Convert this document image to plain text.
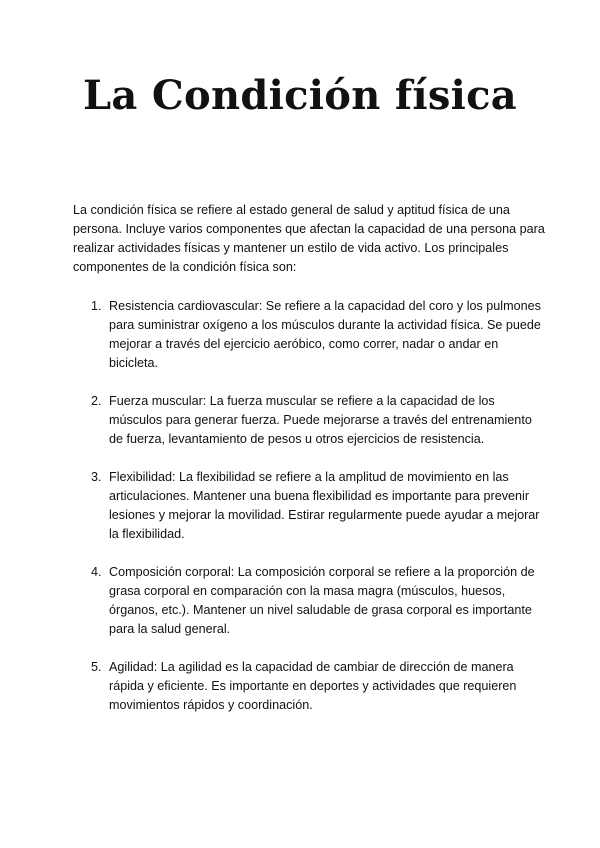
La Condición física
La condición física se refiere al estado general de salud y aptitud física de una
persona. Incluye varios componentes que afectan la capacidad de una persona para
realizar actividades físicas y mantener un estilo de vida activo. Los principales
componentes de la condición física son:
1. Resistencia cardiovascular: Se refiere a la capacidad del coro y los pulmones
para suministrar oxígeno a los músculos durante la actividad física. Se puede
mejorar a través del ejercicio aeróbico, como correr, nadar o andar en
bicicleta.
2. Fuerza muscular: La fuerza muscular se refiere a la capacidad de los
músculos para generar fuerza. Puede mejorarse a través del entrenamiento
de fuerza, levantamiento de pesos u otros ejercicios de resistencia.
3. Flexibilidad: La flexibilidad se refiere a la amplitud de movimiento en las
articulaciones. Mantener una buena flexibilidad es importante para prevenir
lesiones y mejorar la movilidad. Estirar regularmente puede ayudar a mejorar
la flexibilidad.
4. Composición corporal: La composición corporal se refiere a la proporción de
grasa corporal en comparación con la masa magra (músculos, huesos,
órganos, etc.). Mantener un nivel saludable de grasa corporal es importante
para la salud general.
5. Agilidad: La agilidad es la capacidad de cambiar de dirección de manera
rápida y eficiente. Es importante en deportes y actividades que requieren
movimientos rápidos y coordinación.
